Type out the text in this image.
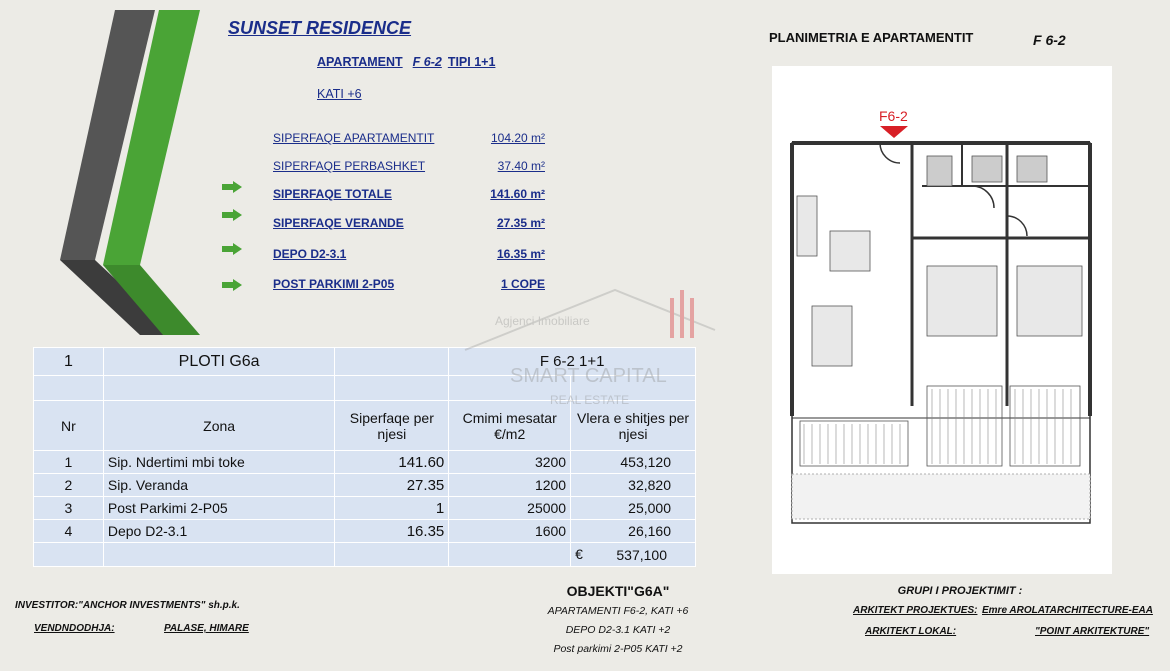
SUNSET RESIDENCE
APARTAMENT F 6-2 TIPI 1+1
KATI +6
SIPERFAQE APARTAMENTIT	104.20 m²
SIPERFAQE PERBASHKET	37.40 m²
SIPERFAQE TOTALE	141.60 m²
SIPERFAQE VERANDE	27.35 m²
DEPO D2-3.1	16.35 m²
POST PARKIMI 2-P05	1 COPE
1	PLOTI G6a		F 6-2 1+1	

Nr	Zona	Siperfaqe per njesi	Cmimi mesatar €/m2	Vlera e shitjes per njesi
1	Sip. Ndertimi mbi toke	141.60	3200	453,120
2	Sip. Veranda	27.35	1200	32,820
3	Post Parkimi 2-P05	1	25000	25,000
4	Depo D2-3.1	16.35	1600	26,160

				€ 537,100
Agjenci Imobiliare
SMART CAPITAL
REAL ESTATE
PLANIMETRIA E APARTAMENTIT	F 6-2
F6-2
INVESTITOR:"ANCHOR INVESTMENTS" sh.p.k.
VENDNDODHJA:	PALASE, HIMARE
OBJEKTI"G6A"
APARTAMENTI F6-2, KATI +6
DEPO D2-3.1 KATI +2
Post parkimi 2-P05 KATI +2
GRUPI I PROJEKTIMIT :
ARKITEKT PROJEKTUES: Emre AROLATARCHITECTURE-EAA
ARKITEKT LOKAL:	"POINT ARKITEKTURE"
